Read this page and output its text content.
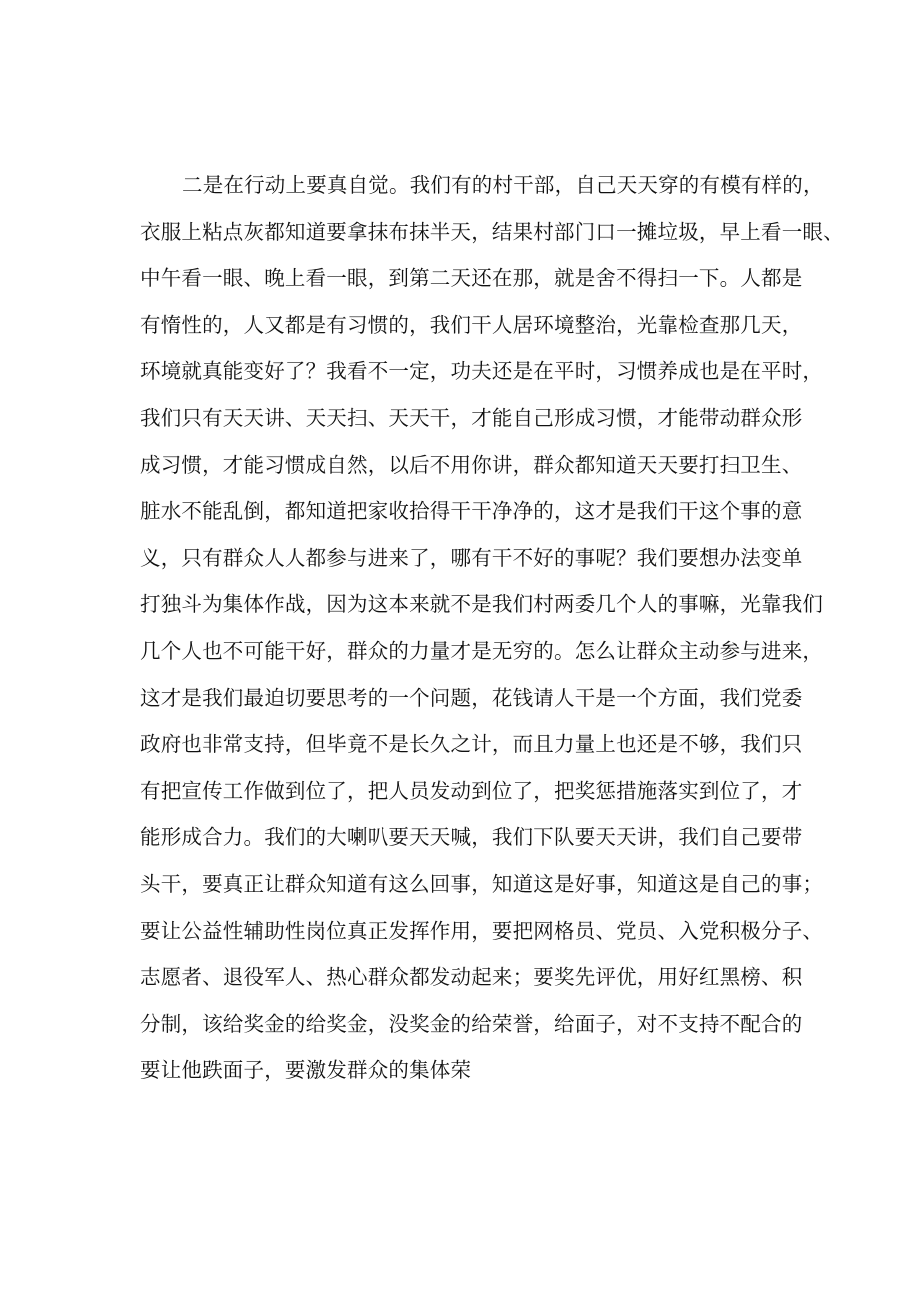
二是在行动上要真自觉。我们有的村干部，自己天天穿的有模有样的，
衣服上粘点灰都知道要拿抹布抹半天，结果村部门口一摊垃圾，早上看一眼、
中午看一眼、晚上看一眼，到第二天还在那，就是舍不得扫一下。人都是
有惰性的，人又都是有习惯的，我们干人居环境整治，光靠检查那几天，
环境就真能变好了？我看不一定，功夫还是在平时，习惯养成也是在平时，
我们只有天天讲、天天扫、天天干，才能自己形成习惯，才能带动群众形
成习惯，才能习惯成自然，以后不用你讲，群众都知道天天要打扫卫生、
脏水不能乱倒，都知道把家收拾得干干净净的，这才是我们干这个事的意
义，只有群众人人都参与进来了，哪有干不好的事呢？我们要想办法变单
打独斗为集体作战，因为这本来就不是我们村两委几个人的事嘛，光靠我们
几个人也不可能干好，群众的力量才是无穷的。怎么让群众主动参与进来，
这才是我们最迫切要思考的一个问题，花钱请人干是一个方面，我们党委
政府也非常支持，但毕竟不是长久之计，而且力量上也还是不够，我们只
有把宣传工作做到位了，把人员发动到位了，把奖惩措施落实到位了，才
能形成合力。我们的大喇叭要天天喊，我们下队要天天讲，我们自己要带
头干，要真正让群众知道有这么回事，知道这是好事，知道这是自己的事；
要让公益性辅助性岗位真正发挥作用，要把网格员、党员、入党积极分子、
志愿者、退役军人、热心群众都发动起来；要奖先评优，用好红黑榜、积
分制，该给奖金的给奖金，没奖金的给荣誉，给面子，对不支持不配合的
要让他跌面子，要激发群众的集体荣
